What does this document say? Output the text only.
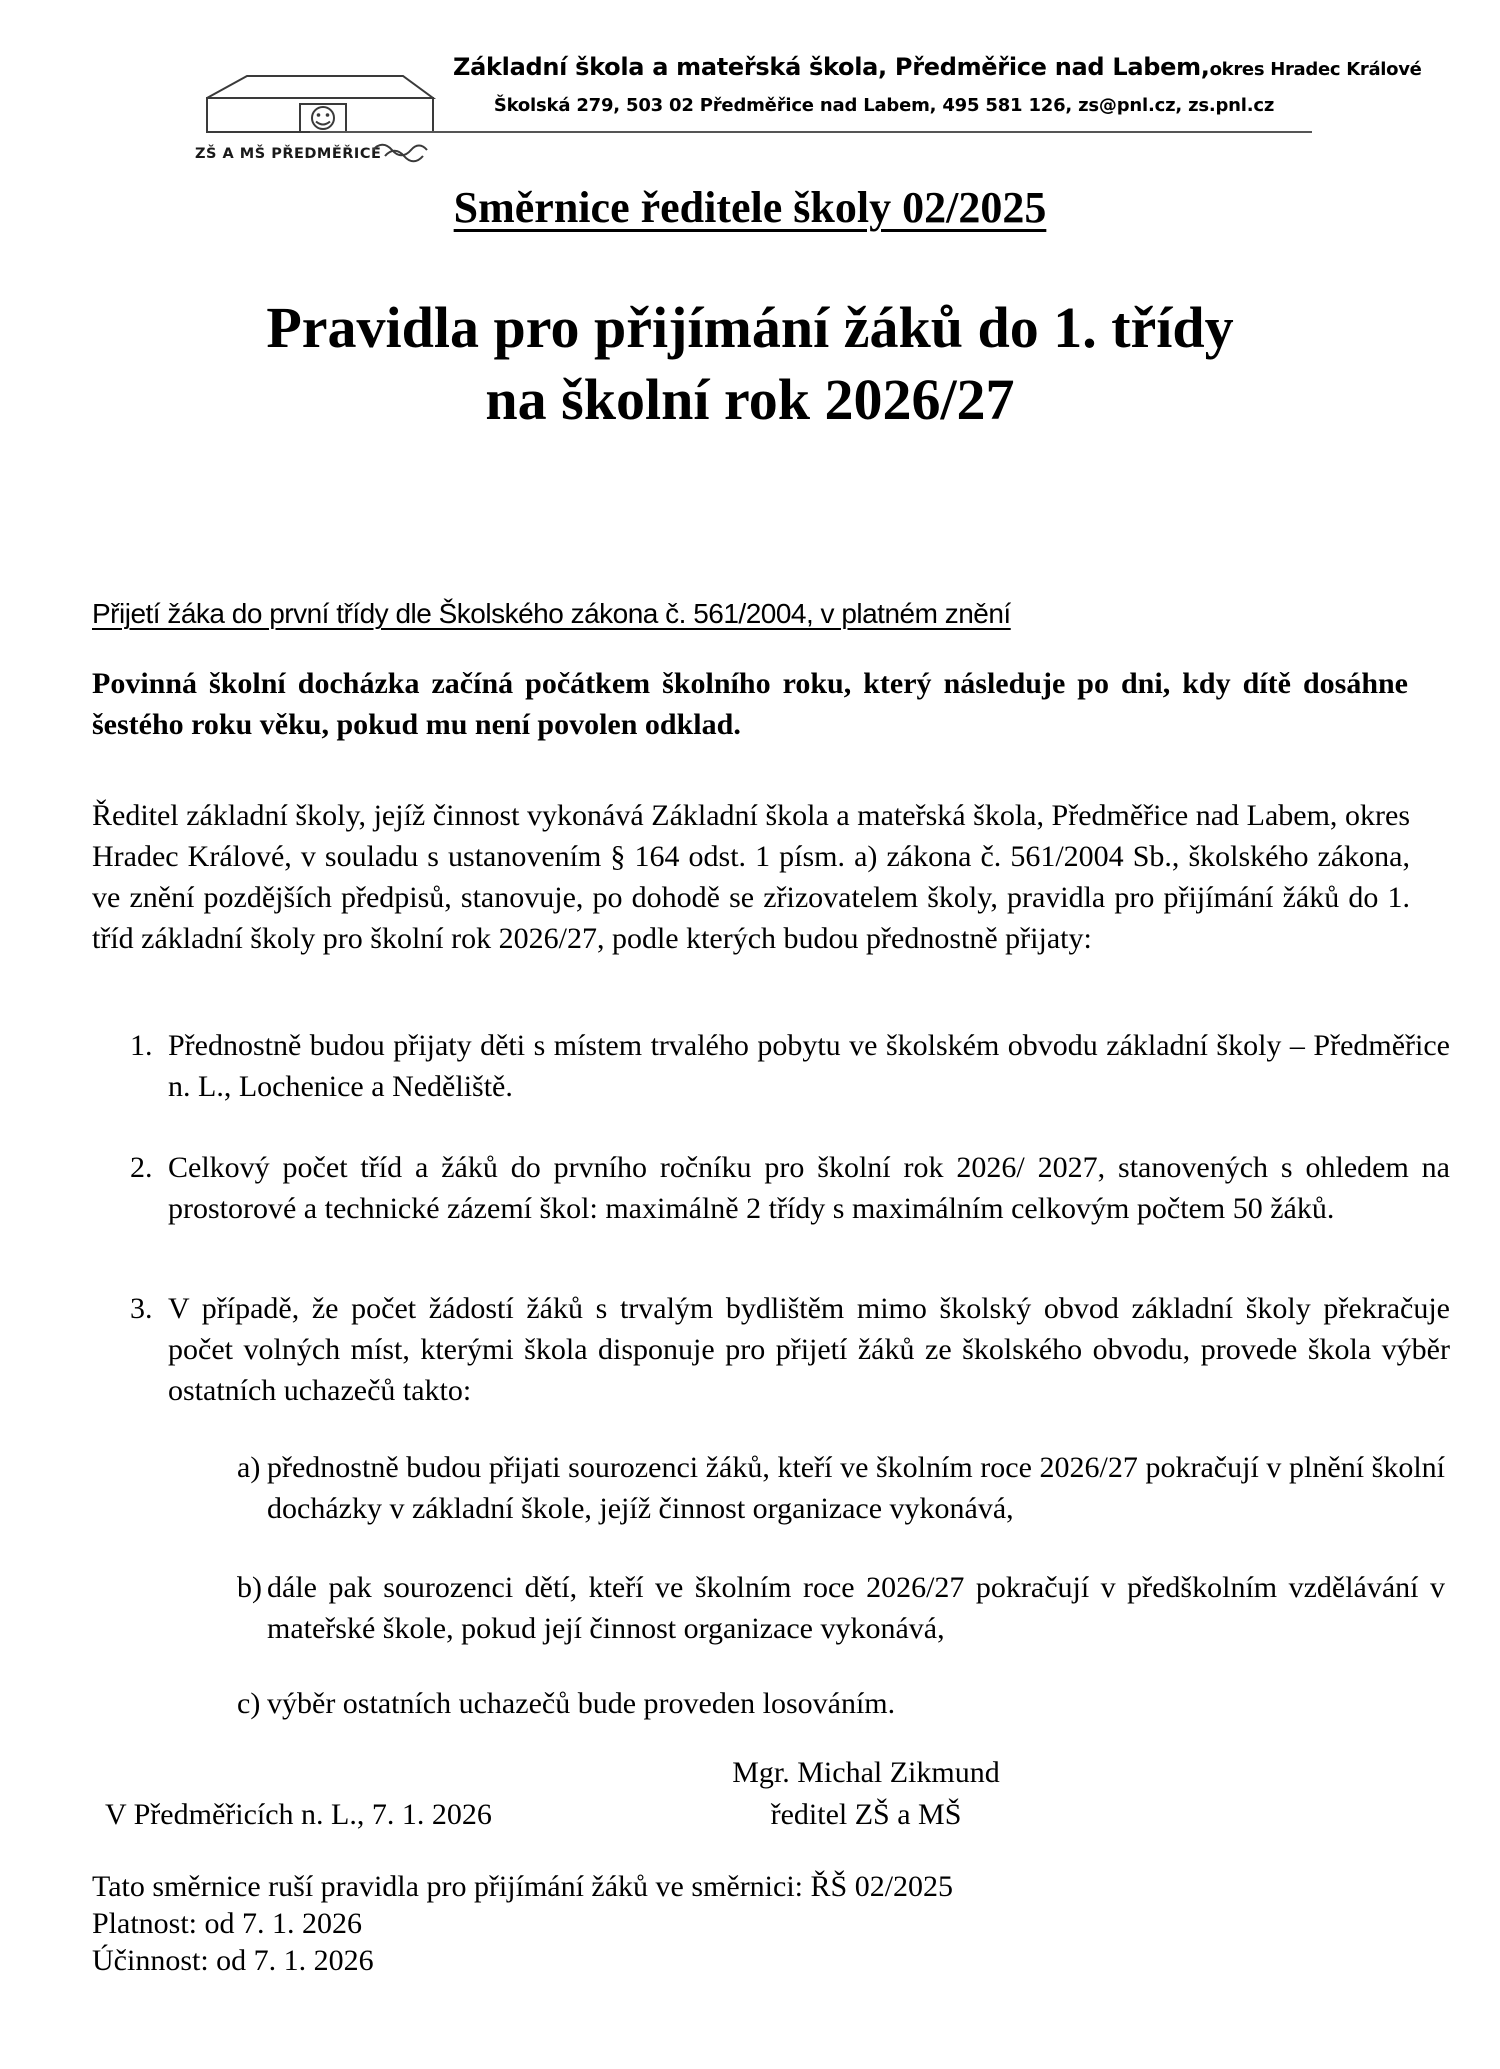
ZŠ A MŠ PŘEDMĚŘICE
Základní škola a mateřská škola, Předměřice nad Labem,okres Hradec Králové
Školská 279, 503 02 Předměřice nad Labem, 495 581 126, zs@pnl.cz, zs.pnl.cz
Směrnice ředitele školy 02/2025
Pravidla pro přijímání žáků do 1. třídy
na školní rok 2026/27
Přijetí žáka do první třídy dle Školského zákona č. 561/2004, v platném znění
Povinná školní docházka začíná počátkem školního roku, který následuje po dni, kdy dítě dosáhne šestého roku věku, pokud mu není povolen odklad.
Ředitel základní školy, jejíž činnost vykonává Základní škola a mateřská škola, Předměřice nad Labem, okres Hradec Králové, v souladu s ustanovením § 164 odst. 1 písm. a) zákona č. 561/2004 Sb., školského zákona, ve znění pozdějších předpisů, stanovuje, po dohodě se zřizovatelem školy, pravidla pro přijímání žáků do 1. tříd základní školy pro školní rok 2026/27, podle kterých budou přednostně přijaty:
1. Přednostně budou přijaty děti s místem trvalého pobytu ve školském obvodu základní školy – Předměřice n. L., Lochenice a Neděliště.
2. Celkový počet tříd a žáků do prvního ročníku pro školní rok 2026/ 2027, stanovených s ohledem na prostorové a technické zázemí škol: maximálně 2 třídy s maximálním celkovým počtem 50 žáků.
3. V případě, že počet žádostí žáků s trvalým bydlištěm mimo školský obvod základní školy překračuje počet volných míst, kterými škola disponuje pro přijetí žáků ze školského obvodu, provede škola výběr ostatních uchazečů takto:
a) přednostně budou přijati sourozenci žáků, kteří ve školním roce 2026/27 pokračují v plnění školní docházky v základní škole, jejíž činnost organizace vykonává,
b) dále pak sourozenci dětí, kteří ve školním roce 2026/27 pokračují v předškolním vzdělávání v mateřské škole, pokud její činnost organizace vykonává,
c) výběr ostatních uchazečů bude proveden losováním.
Mgr. Michal Zikmund
ředitel ZŠ a MŠ
V Předměřicích n. L., 7. 1. 2026
Tato směrnice ruší pravidla pro přijímání žáků ve směrnici: ŘŠ 02/2025
Platnost: od 7. 1. 2026
Účinnost: od 7. 1. 2026
